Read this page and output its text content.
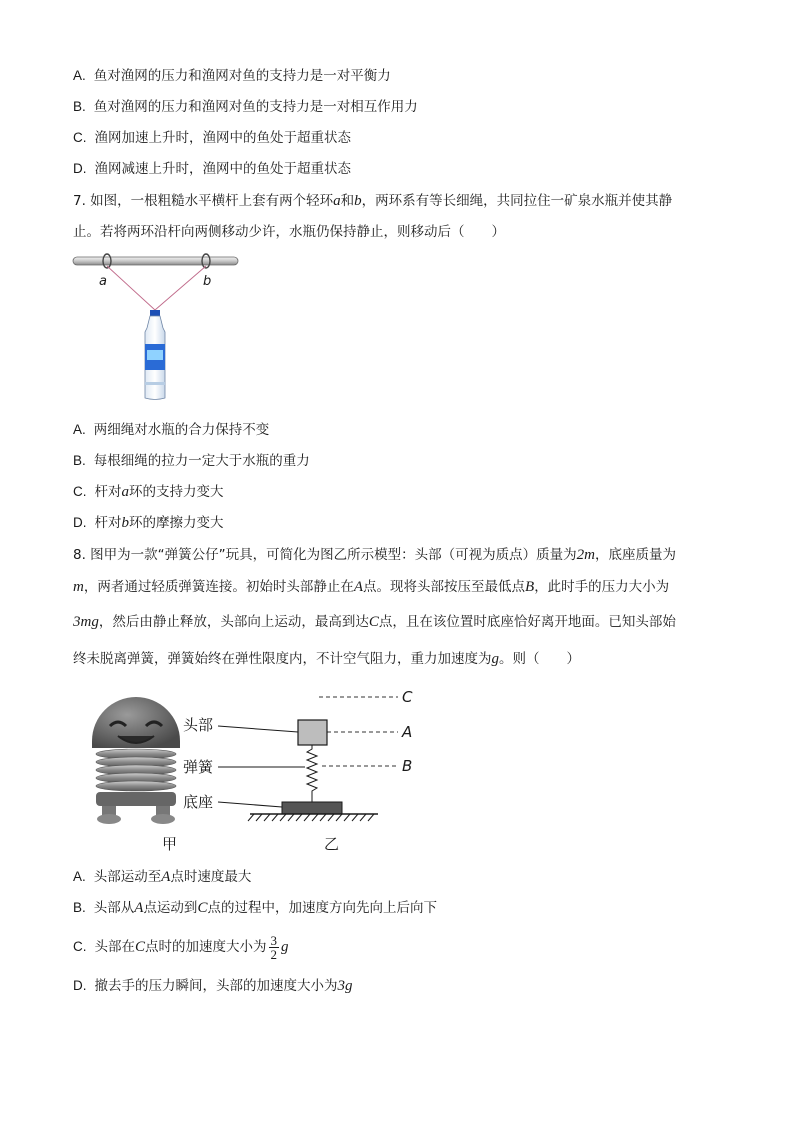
A. 鱼对渔网的压力和渔网对鱼的支持力是一对平衡力
B. 鱼对渔网的压力和渔网对鱼的支持力是一对相互作用力
C. 渔网加速上升时，渔网中的鱼处于超重状态
D. 渔网减速上升时，渔网中的鱼处于超重状态
7. 如图，一根粗糙水平横杆上套有两个轻环a和b，两环系有等长细绳，共同拉住一矿泉水瓶并使其静
止。若将两环沿杆向两侧移动少许，水瓶仍保持静止，则移动后（　　）
a	b
A. 两细绳对水瓶的合力保持不变
B. 每根细绳的拉力一定大于水瓶的重力
C. 杆对a环的支持力变大
D. 杆对b环的摩擦力变大
8. 图甲为一款“弹簧公仔”玩具，可简化为图乙所示模型：头部（可视为质点）质量为2m，底座质量为
m，两者通过轻质弹簧连接。初始时头部静止在A点。现将头部按压至最低点B，此时手的压力大小为
3mg，然后由静止释放，头部向上运动，最高到达C点，且在该位置时底座恰好离开地面。已知头部始
终未脱离弹簧，弹簧始终在弹性限度内，不计空气阻力，重力加速度为g。则（　　）
头部
弹簧
底座
C
A
B
甲	乙
A. 头部运动至A点时速度最大
B. 头部从A点运动到C点的过程中，加速度方向先向上后向下
C. 头部在C点时的加速度大小为 $\frac{3}{2}$ g
D. 撤去手的压力瞬间，头部的加速度大小为3g
